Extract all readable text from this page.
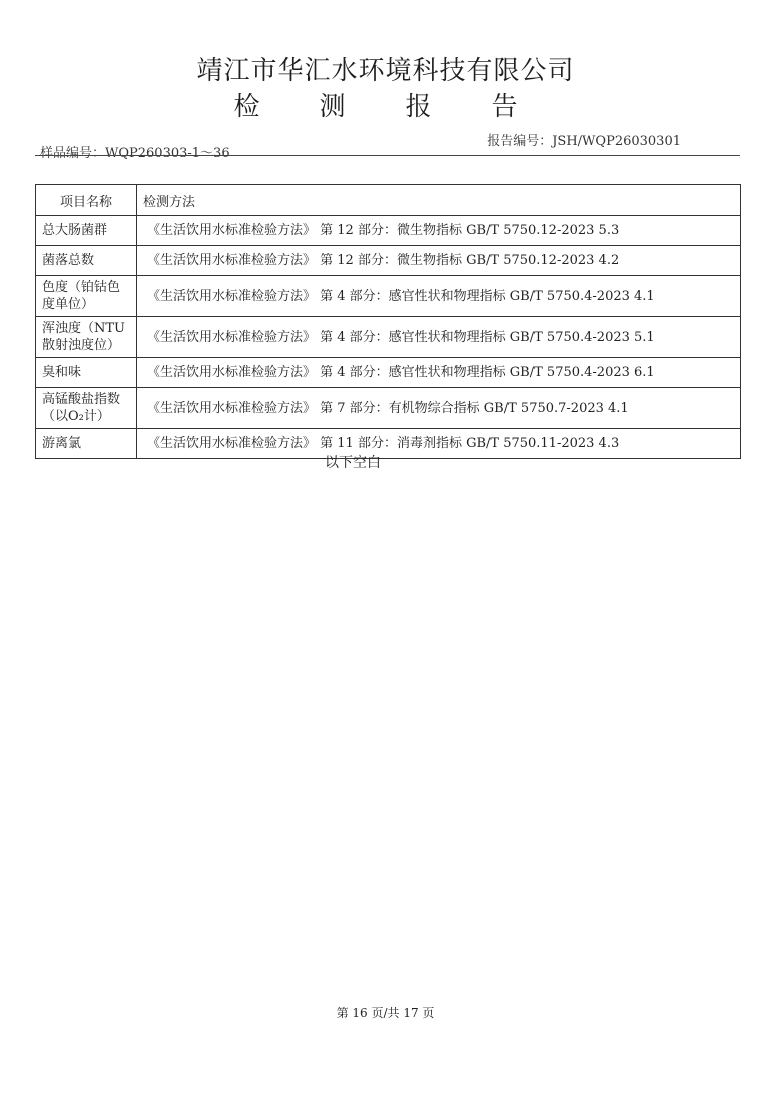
靖江市华汇水环境科技有限公司
检测报告
报告编号：JSH/WQP26030301
样品编号：WQP260303-1～36
项目名称	检测方法
总大肠菌群	《生活饮用水标准检验方法》 第 12 部分：微生物指标 GB/T 5750.12-2023 5.3
菌落总数	《生活饮用水标准检验方法》 第 12 部分：微生物指标 GB/T 5750.12-2023 4.2
色度（铂钴色度单位）	《生活饮用水标准检验方法》 第 4 部分：感官性状和物理指标 GB/T 5750.4-2023 4.1
浑浊度（NTU散射浊度位）	《生活饮用水标准检验方法》 第 4 部分：感官性状和物理指标 GB/T 5750.4-2023 5.1
臭和味	《生活饮用水标准检验方法》 第 4 部分：感官性状和物理指标 GB/T 5750.4-2023 6.1
高锰酸盐指数（以O₂计）	《生活饮用水标准检验方法》 第 7 部分：有机物综合指标 GB/T 5750.7-2023 4.1
游离氯	《生活饮用水标准检验方法》 第 11 部分：消毒剂指标 GB/T 5750.11-2023 4.3
以下空白
第 16 页/共 17 页
